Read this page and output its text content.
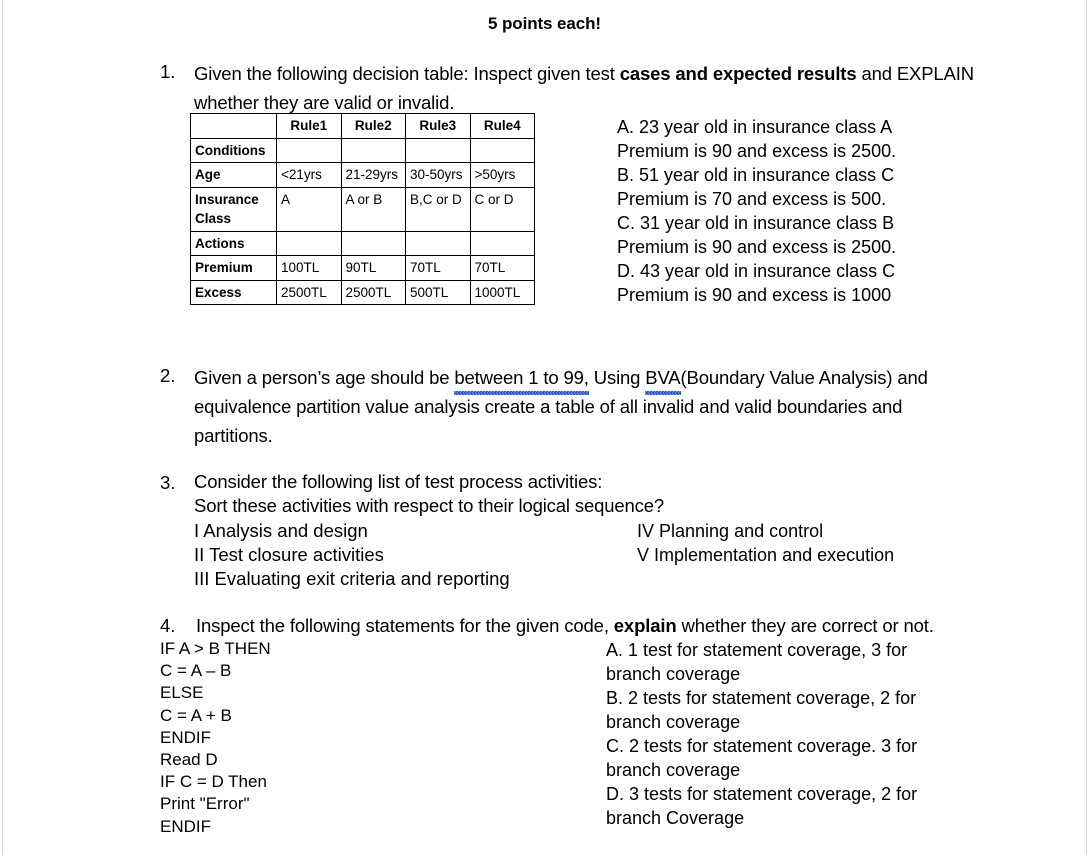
5 points each!
1.	Given the following decision table: Inspect given test cases and expected results and EXPLAIN
whether they are valid or invalid.
	Rule1	Rule2	Rule3	Rule4
Conditions				
Age	<21yrs	21-29yrs	30-50yrs	>50yrs
Insurance Class	A	A or B	B,C or D	C or D
Actions				
Premium	100TL	90TL	70TL	70TL
Excess	2500TL	2500TL	500TL	1000TL
A. 23 year old in insurance class A
Premium is 90 and excess is 2500.
B. 51 year old in insurance class C
Premium is 70 and excess is 500.
C. 31 year old in insurance class B
Premium is 90 and excess is 2500.
D. 43 year old in insurance class C
Premium is 90 and excess is 1000
2.	Given a person’s age should be between 1 to 99, Using BVA(Boundary Value Analysis) and
equivalence partition value analysis create a table of all invalid and valid boundaries and
partitions.
3.	Consider the following list of test process activities:
Sort these activities with respect to their logical sequence?
I Analysis and design
II Test closure activities
III Evaluating exit criteria and reporting
IV Planning and control
V Implementation and execution
4.	Inspect the following statements for the given code, explain whether they are correct or not.
IF A > B THEN
C = A – B
ELSE
C = A + B
ENDIF
Read D
IF C = D Then
Print "Error"
ENDIF
A. 1 test for statement coverage, 3 for
branch coverage
B. 2 tests for statement coverage, 2 for
branch coverage
C. 2 tests for statement coverage. 3 for
branch coverage
D. 3 tests for statement coverage, 2 for
branch Coverage
